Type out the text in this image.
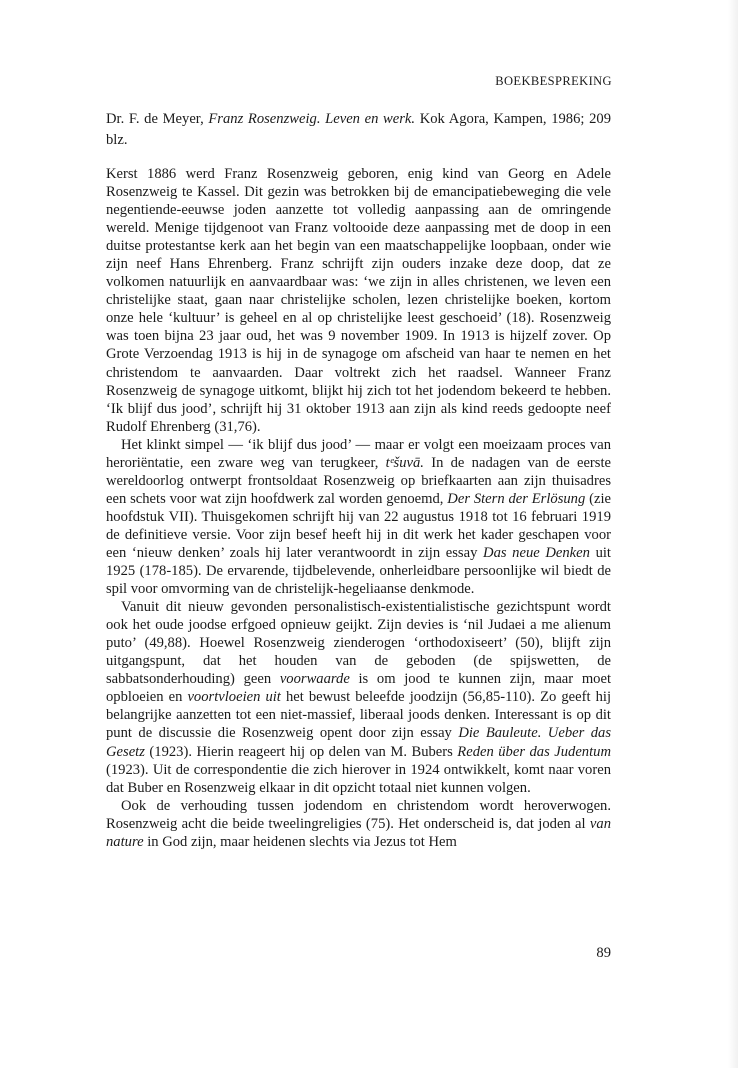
BOEKBESPREKING

Dr. F. de Meyer, Franz Rosenzweig. Leven en werk. Kok Agora, Kampen, 1986; 209 blz.

Kerst 1886 werd Franz Rosenzweig geboren, enig kind van Georg en Adele Rosenzweig te Kassel. Dit gezin was betrokken bij de emancipatiebeweging die vele negentiende-eeuwse joden aanzette tot volledig aanpassing aan de omringende wereld. Menige tijdgenoot van Franz voltooide deze aanpassing met de doop in een duitse protestantse kerk aan het begin van een maatschappelijke loopbaan, onder wie zijn neef Hans Ehrenberg. Franz schrijft zijn ouders inzake deze doop, dat ze volkomen natuurlijk en aanvaardbaar was: ‘we zijn in alles christenen, we leven een christelijke staat, gaan naar christelijke scholen, lezen christelijke boeken, kortom onze hele ‘kultuur’ is geheel en al op christelijke leest geschoeid’ (18). Rosenzweig was toen bijna 23 jaar oud, het was 9 november 1909. In 1913 is hijzelf zover. Op Grote Verzoendag 1913 is hij in de synagoge om afscheid van haar te nemen en het christendom te aanvaarden. Daar voltrekt zich het raadsel. Wanneer Franz Rosenzweig de synagoge uitkomt, blijkt hij zich tot het jodendom bekeerd te hebben. ‘Ik blijf dus jood’, schrijft hij 31 oktober 1913 aan zijn als kind reeds gedoopte neef Rudolf Ehrenberg (31,76).

Het klinkt simpel — ‘ik blijf dus jood’ — maar er volgt een moeizaam proces van heroriëntatie, een zware weg van terugkeer, tᵉšuvā. In de nadagen van de eerste wereldoorlog ontwerpt frontsoldaat Rosenzweig op briefkaarten aan zijn thuisadres een schets voor wat zijn hoofdwerk zal worden genoemd, Der Stern der Erlösung (zie hoofdstuk VII). Thuisgekomen schrijft hij van 22 augustus 1918 tot 16 februari 1919 de definitieve versie. Voor zijn besef heeft hij in dit werk het kader geschapen voor een ‘nieuw denken’ zoals hij later verantwoordt in zijn essay Das neue Denken uit 1925 (178-185). De ervarende, tijdbelevende, onherleidbare persoonlijke wil biedt de spil voor omvorming van de christelijk-hegeliaanse denkmode.

Vanuit dit nieuw gevonden personalistisch-existentialistische gezichtspunt wordt ook het oude joodse erfgoed opnieuw geijkt. Zijn devies is ‘nil Judaei a me alienum puto’ (49,88). Hoewel Rosenzweig zienderogen ‘orthodoxiseert’ (50), blijft zijn uitgangspunt, dat het houden van de geboden (de spijswetten, de sabbatsonderhouding) geen voorwaarde is om jood te kunnen zijn, maar moet opbloeien en voortvloeien uit het bewust beleefde joodzijn (56,85-110). Zo geeft hij belangrijke aanzetten tot een niet-massief, liberaal joods denken. Interessant is op dit punt de discussie die Rosenzweig opent door zijn essay Die Bauleute. Ueber das Gesetz (1923). Hierin reageert hij op delen van M. Bubers Reden über das Judentum (1923). Uit de correspondentie die zich hierover in 1924 ontwikkelt, komt naar voren dat Buber en Rosenzweig elkaar in dit opzicht totaal niet kunnen volgen.

Ook de verhouding tussen jodendom en christendom wordt heroverwogen. Rosenzweig acht die beide tweelingreligies (75). Het onderscheid is, dat joden al van nature in God zijn, maar heidenen slechts via Jezus tot Hem

89
